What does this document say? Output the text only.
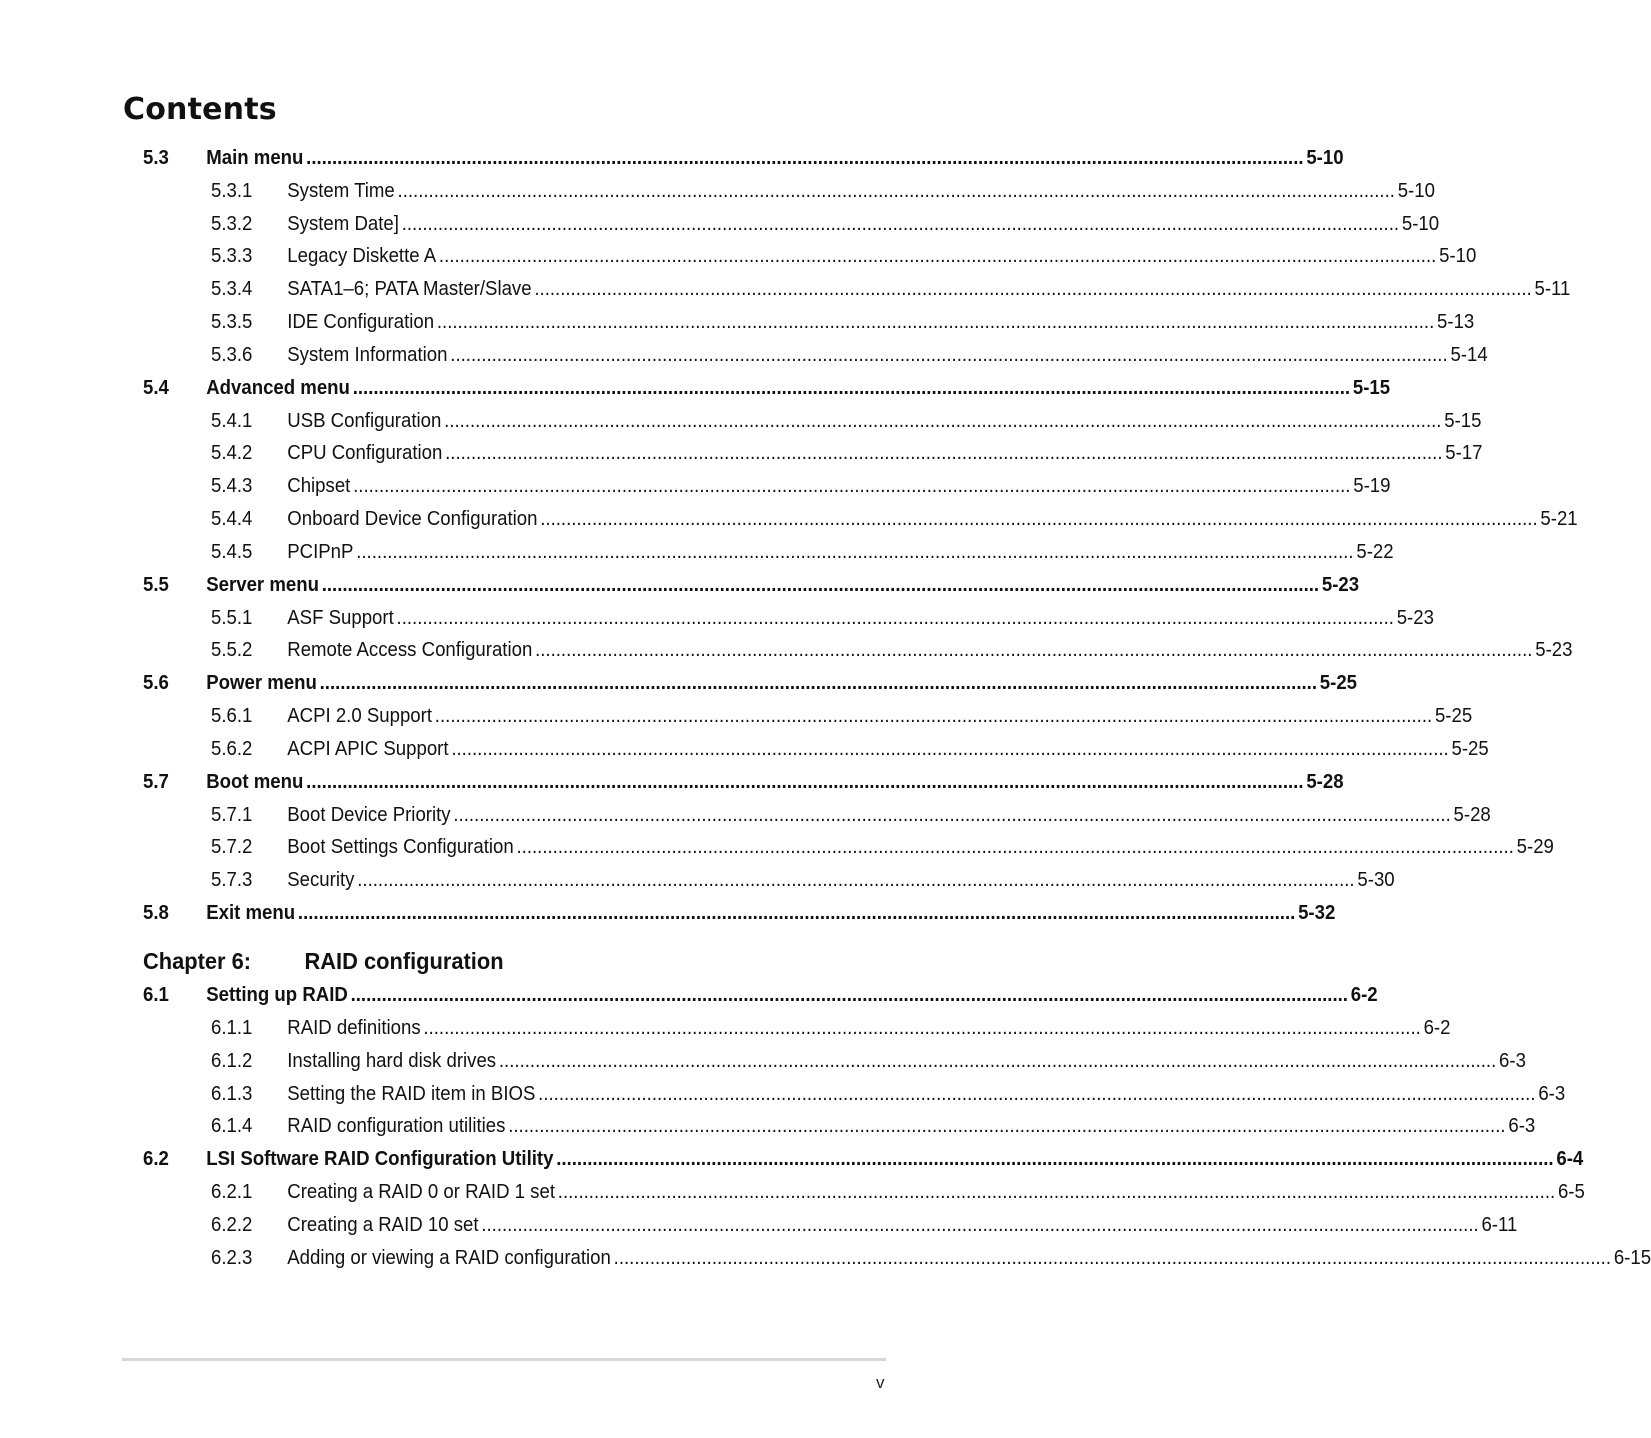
Contents
5.3	Main menu ................................................................................................................................................................................................. 5-10
5.3.1	System Time ................................................................................................................................................................................................. 5-10
5.3.2	System Date] ................................................................................................................................................................................................. 5-10
5.3.3	Legacy Diskette A ................................................................................................................................................................................................. 5-10
5.3.4	SATA1–6; PATA Master/Slave ................................................................................................................................................................................................. 5-11
5.3.5	IDE Configuration ................................................................................................................................................................................................. 5-13
5.3.6	System Information ................................................................................................................................................................................................. 5-14
5.4	Advanced menu ................................................................................................................................................................................................. 5-15
5.4.1	USB Configuration ................................................................................................................................................................................................. 5-15
5.4.2	CPU Configuration ................................................................................................................................................................................................. 5-17
5.4.3	Chipset ................................................................................................................................................................................................. 5-19
5.4.4	Onboard Device Configuration ................................................................................................................................................................................................. 5-21
5.4.5	PCIPnP ................................................................................................................................................................................................. 5-22
5.5	Server menu ................................................................................................................................................................................................. 5-23
5.5.1	ASF Support ................................................................................................................................................................................................. 5-23
5.5.2	Remote Access Configuration ................................................................................................................................................................................................. 5-23
5.6	Power menu ................................................................................................................................................................................................. 5-25
5.6.1	ACPI 2.0 Support ................................................................................................................................................................................................. 5-25
5.6.2	ACPI APIC Support ................................................................................................................................................................................................. 5-25
5.7	Boot menu ................................................................................................................................................................................................. 5-28
5.7.1	Boot Device Priority ................................................................................................................................................................................................. 5-28
5.7.2	Boot Settings Configuration ................................................................................................................................................................................................. 5-29
5.7.3	Security ................................................................................................................................................................................................. 5-30
5.8	Exit menu ................................................................................................................................................................................................. 5-32
Chapter 6: RAID configuration
6.1	Setting up RAID ................................................................................................................................................................................................. 6-2
6.1.1	RAID definitions ................................................................................................................................................................................................. 6-2
6.1.2	Installing hard disk drives ................................................................................................................................................................................................. 6-3
6.1.3	Setting the RAID item in BIOS ................................................................................................................................................................................................. 6-3
6.1.4	RAID configuration utilities ................................................................................................................................................................................................. 6-3
6.2	LSI Software RAID Configuration Utility ................................................................................................................................................................................................. 6-4
6.2.1	Creating a RAID 0 or RAID 1 set ................................................................................................................................................................................................. 6-5
6.2.2	Creating a RAID 10 set ................................................................................................................................................................................................. 6-11
6.2.3	Adding or viewing a RAID configuration ................................................................................................................................................................................................. 6-15
v
